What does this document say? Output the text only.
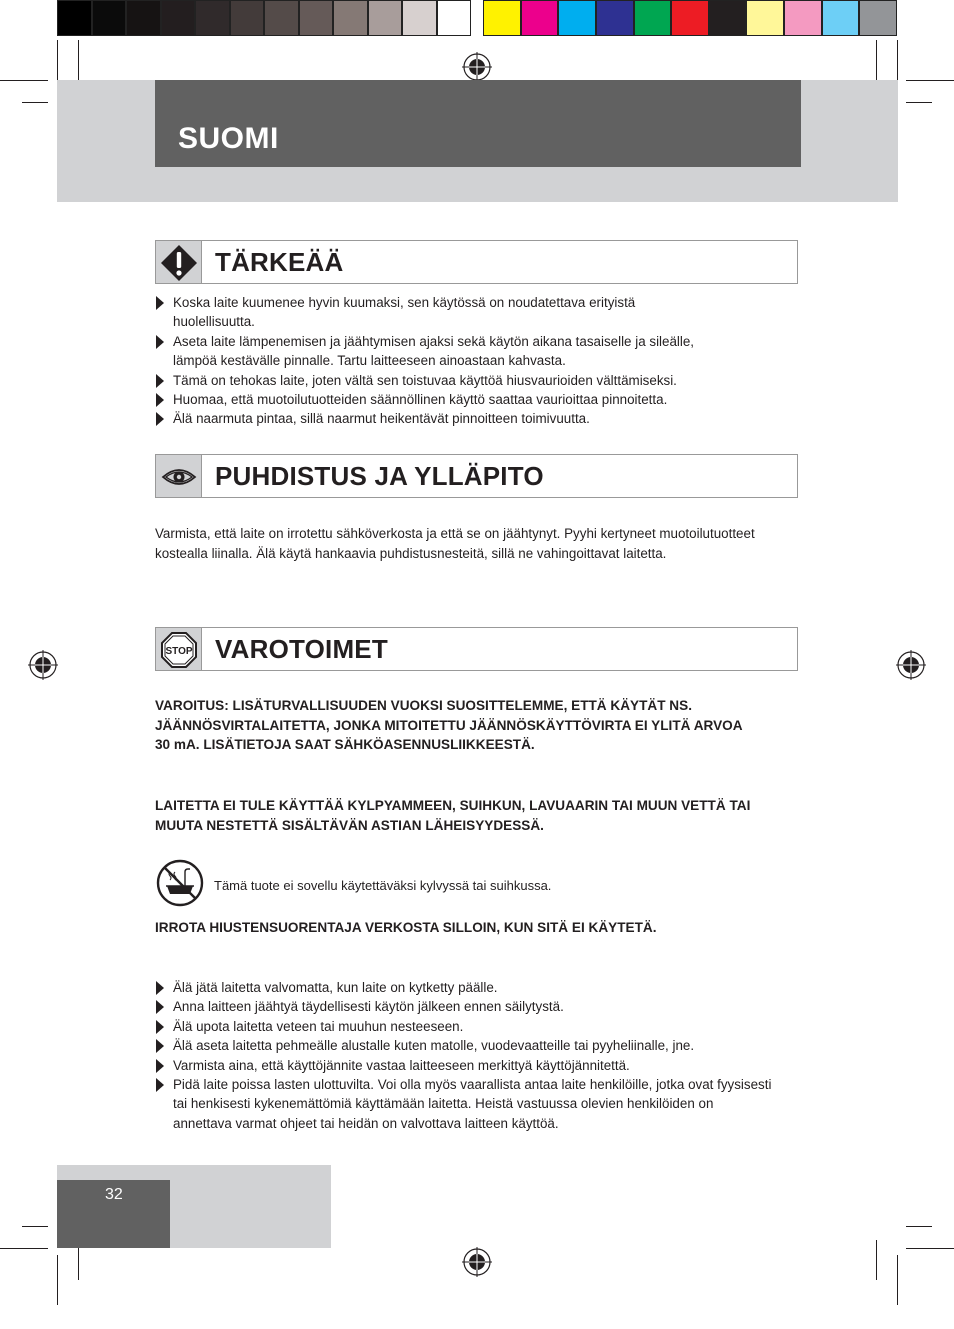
SUOMI
TÄRKEÄÄ
Koska laite kuumenee hyvin kuumaksi, sen käytössä on noudatettava erityistä huolellisuutta.
Aseta laite lämpenemisen ja jäähtymisen ajaksi sekä käytön aikana tasaiselle ja sileälle, lämpöä kestävälle pinnalle. Tartu laitteeseen ainoastaan kahvasta.
Tämä on tehokas laite, joten vältä sen toistuvaa käyttöä hiusvaurioiden välttämiseksi.
Huomaa, että muotoilutuotteiden säännöllinen käyttö saattaa vaurioittaa pinnoitetta.
Älä naarmuta pintaa, sillä naarmut heikentävät pinnoitteen toimivuutta.
PUHDISTUS JA YLLÄPITO

Varmista, että laite on irrotettu sähköverkosta ja että se on jäähtynyt. Pyyhi kertyneet muotoilutuotteet kostealla liinalla. Älä käytä hankaavia puhdistusnesteitä, sillä ne vahingoittavat laitetta.

STOP VAROTOIMET

VAROITUS: LISÄTURVALLISUUDEN VUOKSI SUOSITTELEMME, ETTÄ KÄYTÄT NS. JÄÄNNÖSVIRTALAITETTA, JONKA MITOITETTU JÄÄNNÖSKÄYTTÖVIRTA EI YLITÄ ARVOA 30 mA. LISÄTIETOJA SAAT SÄHKÖASENNUSLIIKKEESTÄ.

LAITETTA EI TULE KÄYTTÄÄ KYLPYAMMEEN, SUIHKUN, LAVUAARIN TAI MUUN VETTÄ TAI MUUTA NESTETTÄ SISÄLTÄVÄN ASTIAN LÄHEISYYDESSÄ.

Tämä tuote ei sovellu käytettäväksi kylvyssä tai suihkussa.

IRROTA HIUSTENSUORENTAJA VERKOSTA SILLOIN, KUN SITÄ EI KÄYTETÄ.

Älä jätä laitetta valvomatta, kun laite on kytketty päälle.
Anna laitteen jäähtyä täydellisesti käytön jälkeen ennen säilytystä.
Älä upota laitetta veteen tai muuhun nesteeseen.
Älä aseta laitetta pehmeälle alustalle kuten matolle, vuodevaatteille tai pyyheliinalle, jne.
Varmista aina, että käyttöjännite vastaa laitteeseen merkittyä käyttöjännitettä.
Pidä laite poissa lasten ulottuvilta. Voi olla myös vaarallista antaa laite henkilöille, jotka ovat fyysisesti tai henkisesti kykenemättömiä käyttämään laitetta. Heistä vastuussa olevien henkilöiden on annettava varmat ohjeet tai heidän on valvottava laitteen käyttöä.
32
